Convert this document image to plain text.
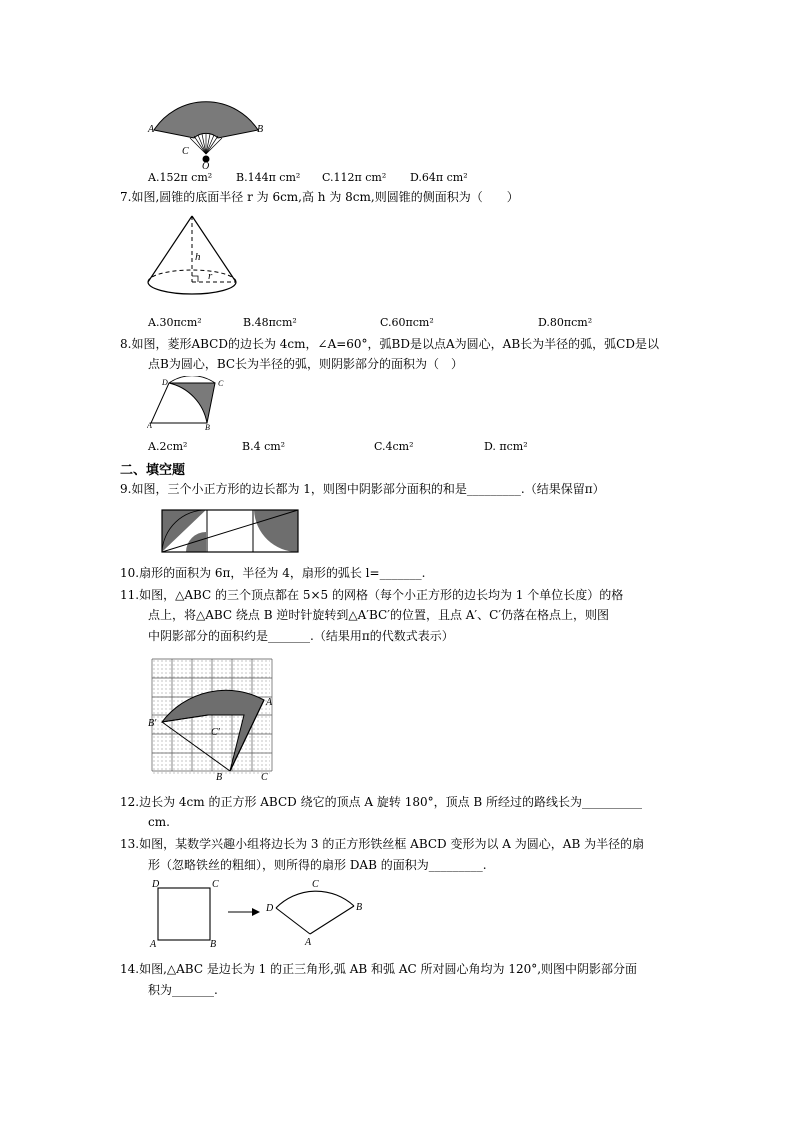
A	B
C
O
A.152π cm² B.144π cm² C.112π cm² D.64π cm²
7.如图,圆锥的底面半径 r 为 6cm,高 h 为 8cm,则圆锥的侧面积为（　　）
h
r
A.30πcm²	B.48πcm²	C.60πcm²	D.80πcm²
8.如图，菱形ABCD的边长为 4cm，∠A=60°，弧BD是以点A为圆心，AB长为半径的弧，弧CD是以
点B为圆心，BC长为半径的弧，则阴影部分的面积为（　）
A	B
C
D
A.2cm²	B.4 cm²	C.4cm²	D. πcm²
二、填空题
9.如图，三个小正方形的边长都为 1，则图中阴影部分面积的和是_________.（结果保留π）
10.扇形的面积为 6π，半径为 4，扇形的弧长 l=_______.
11.如图，△ABC 的三个顶点都在 5×5 的网格（每个小正方形的边长均为 1 个单位长度）的格
点上，将△ABC 绕点 B 逆时针旋转到△A′BC′的位置，且点 A′、C′仍落在格点上，则图
中阴影部分的面积约是_______.（结果用π的代数式表示）
A
B′
C′
B	C
12.边长为 4cm 的正方形 ABCD 绕它的顶点 A 旋转 180°，顶点 B 所经过的路线长为__________
cm.
13.如图，某数学兴趣小组将边长为 3 的正方形铁丝框 ABCD 变形为以 A 为圆心，AB 为半径的扇
形（忽略铁丝的粗细），则所得的扇形 DAB 的面积为_________.
D	C
A	B
D
C
B
A
14.如图,△ABC 是边长为 1 的正三角形,弧 AB 和弧 AC 所对圆心角均为 120°,则图中阴影部分面
积为_______.
